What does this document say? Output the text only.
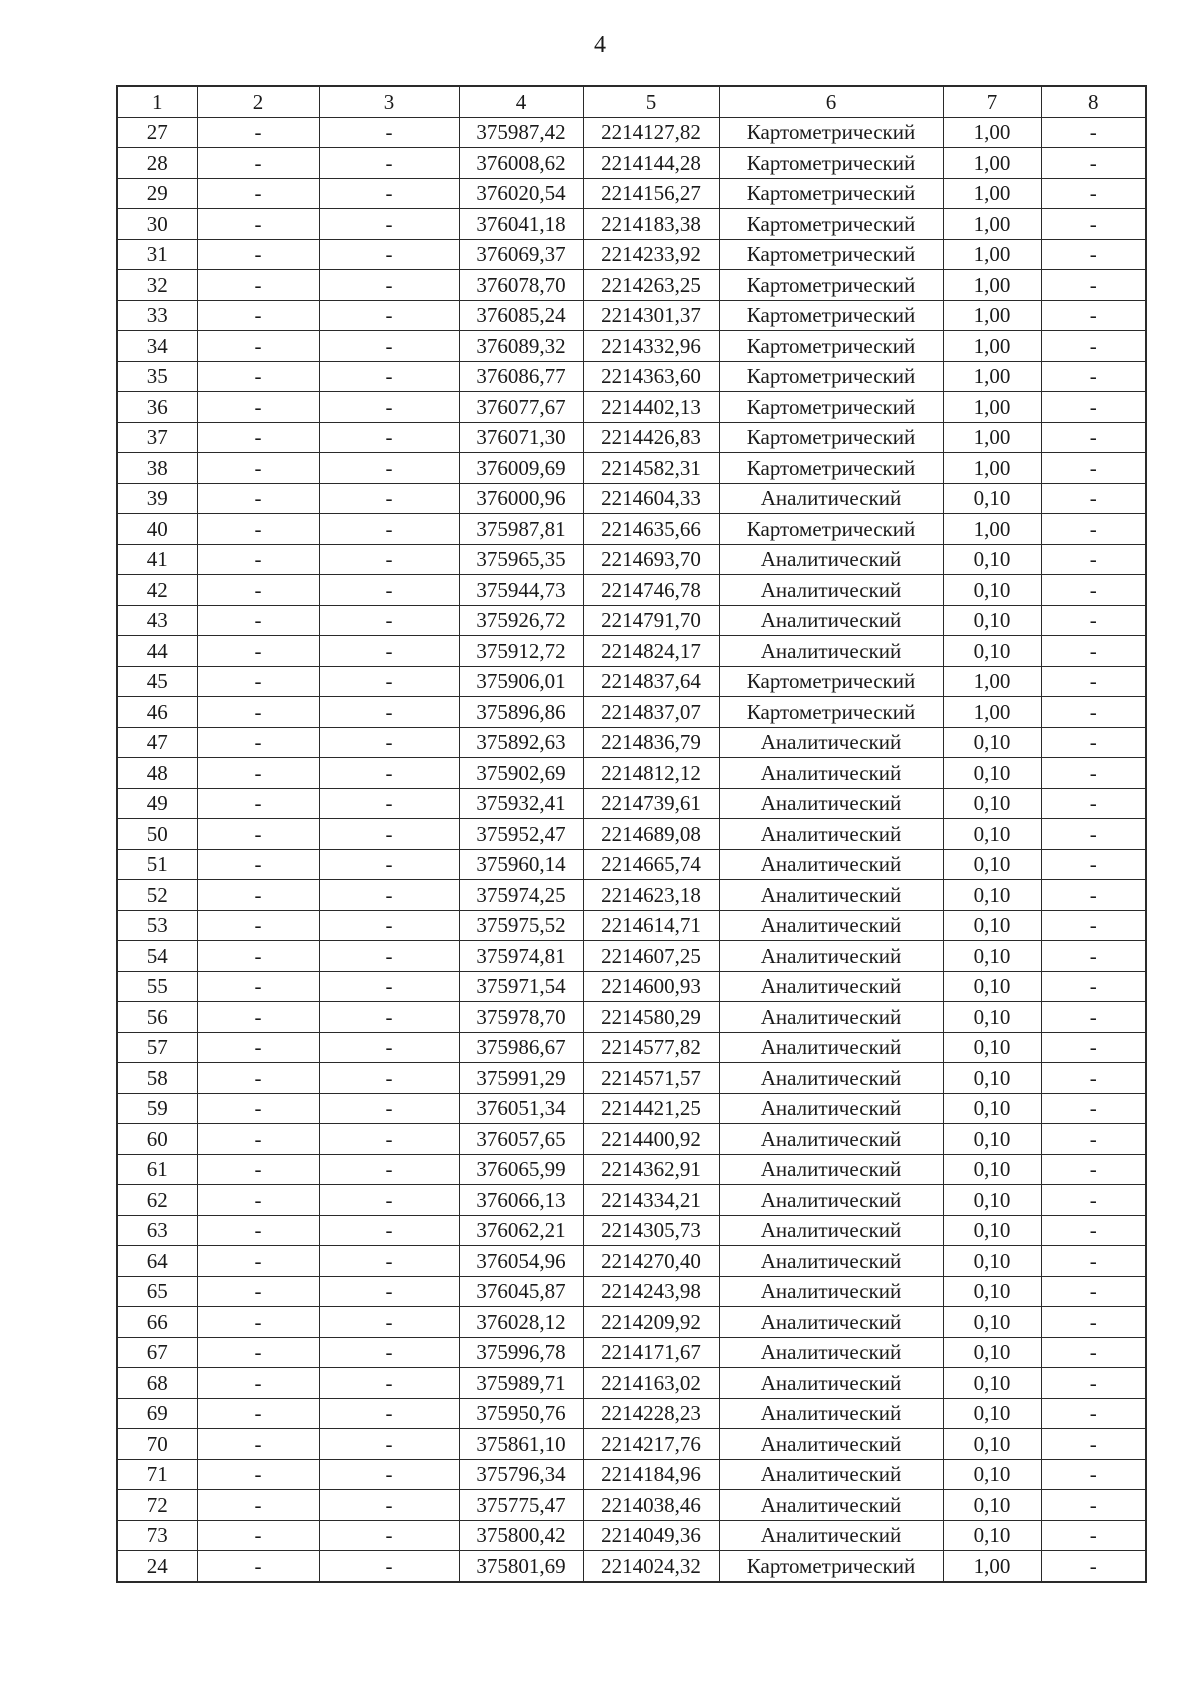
4
1	2	3	4	5	6	7	8
27	-	-	375987,42	2214127,82	Картометрический	1,00	-
28	-	-	376008,62	2214144,28	Картометрический	1,00	-
29	-	-	376020,54	2214156,27	Картометрический	1,00	-
30	-	-	376041,18	2214183,38	Картометрический	1,00	-
31	-	-	376069,37	2214233,92	Картометрический	1,00	-
32	-	-	376078,70	2214263,25	Картометрический	1,00	-
33	-	-	376085,24	2214301,37	Картометрический	1,00	-
34	-	-	376089,32	2214332,96	Картометрический	1,00	-
35	-	-	376086,77	2214363,60	Картометрический	1,00	-
36	-	-	376077,67	2214402,13	Картометрический	1,00	-
37	-	-	376071,30	2214426,83	Картометрический	1,00	-
38	-	-	376009,69	2214582,31	Картометрический	1,00	-
39	-	-	376000,96	2214604,33	Аналитический	0,10	-
40	-	-	375987,81	2214635,66	Картометрический	1,00	-
41	-	-	375965,35	2214693,70	Аналитический	0,10	-
42	-	-	375944,73	2214746,78	Аналитический	0,10	-
43	-	-	375926,72	2214791,70	Аналитический	0,10	-
44	-	-	375912,72	2214824,17	Аналитический	0,10	-
45	-	-	375906,01	2214837,64	Картометрический	1,00	-
46	-	-	375896,86	2214837,07	Картометрический	1,00	-
47	-	-	375892,63	2214836,79	Аналитический	0,10	-
48	-	-	375902,69	2214812,12	Аналитический	0,10	-
49	-	-	375932,41	2214739,61	Аналитический	0,10	-
50	-	-	375952,47	2214689,08	Аналитический	0,10	-
51	-	-	375960,14	2214665,74	Аналитический	0,10	-
52	-	-	375974,25	2214623,18	Аналитический	0,10	-
53	-	-	375975,52	2214614,71	Аналитический	0,10	-
54	-	-	375974,81	2214607,25	Аналитический	0,10	-
55	-	-	375971,54	2214600,93	Аналитический	0,10	-
56	-	-	375978,70	2214580,29	Аналитический	0,10	-
57	-	-	375986,67	2214577,82	Аналитический	0,10	-
58	-	-	375991,29	2214571,57	Аналитический	0,10	-
59	-	-	376051,34	2214421,25	Аналитический	0,10	-
60	-	-	376057,65	2214400,92	Аналитический	0,10	-
61	-	-	376065,99	2214362,91	Аналитический	0,10	-
62	-	-	376066,13	2214334,21	Аналитический	0,10	-
63	-	-	376062,21	2214305,73	Аналитический	0,10	-
64	-	-	376054,96	2214270,40	Аналитический	0,10	-
65	-	-	376045,87	2214243,98	Аналитический	0,10	-
66	-	-	376028,12	2214209,92	Аналитический	0,10	-
67	-	-	375996,78	2214171,67	Аналитический	0,10	-
68	-	-	375989,71	2214163,02	Аналитический	0,10	-
69	-	-	375950,76	2214228,23	Аналитический	0,10	-
70	-	-	375861,10	2214217,76	Аналитический	0,10	-
71	-	-	375796,34	2214184,96	Аналитический	0,10	-
72	-	-	375775,47	2214038,46	Аналитический	0,10	-
73	-	-	375800,42	2214049,36	Аналитический	0,10	-
24	-	-	375801,69	2214024,32	Картометрический	1,00	-
